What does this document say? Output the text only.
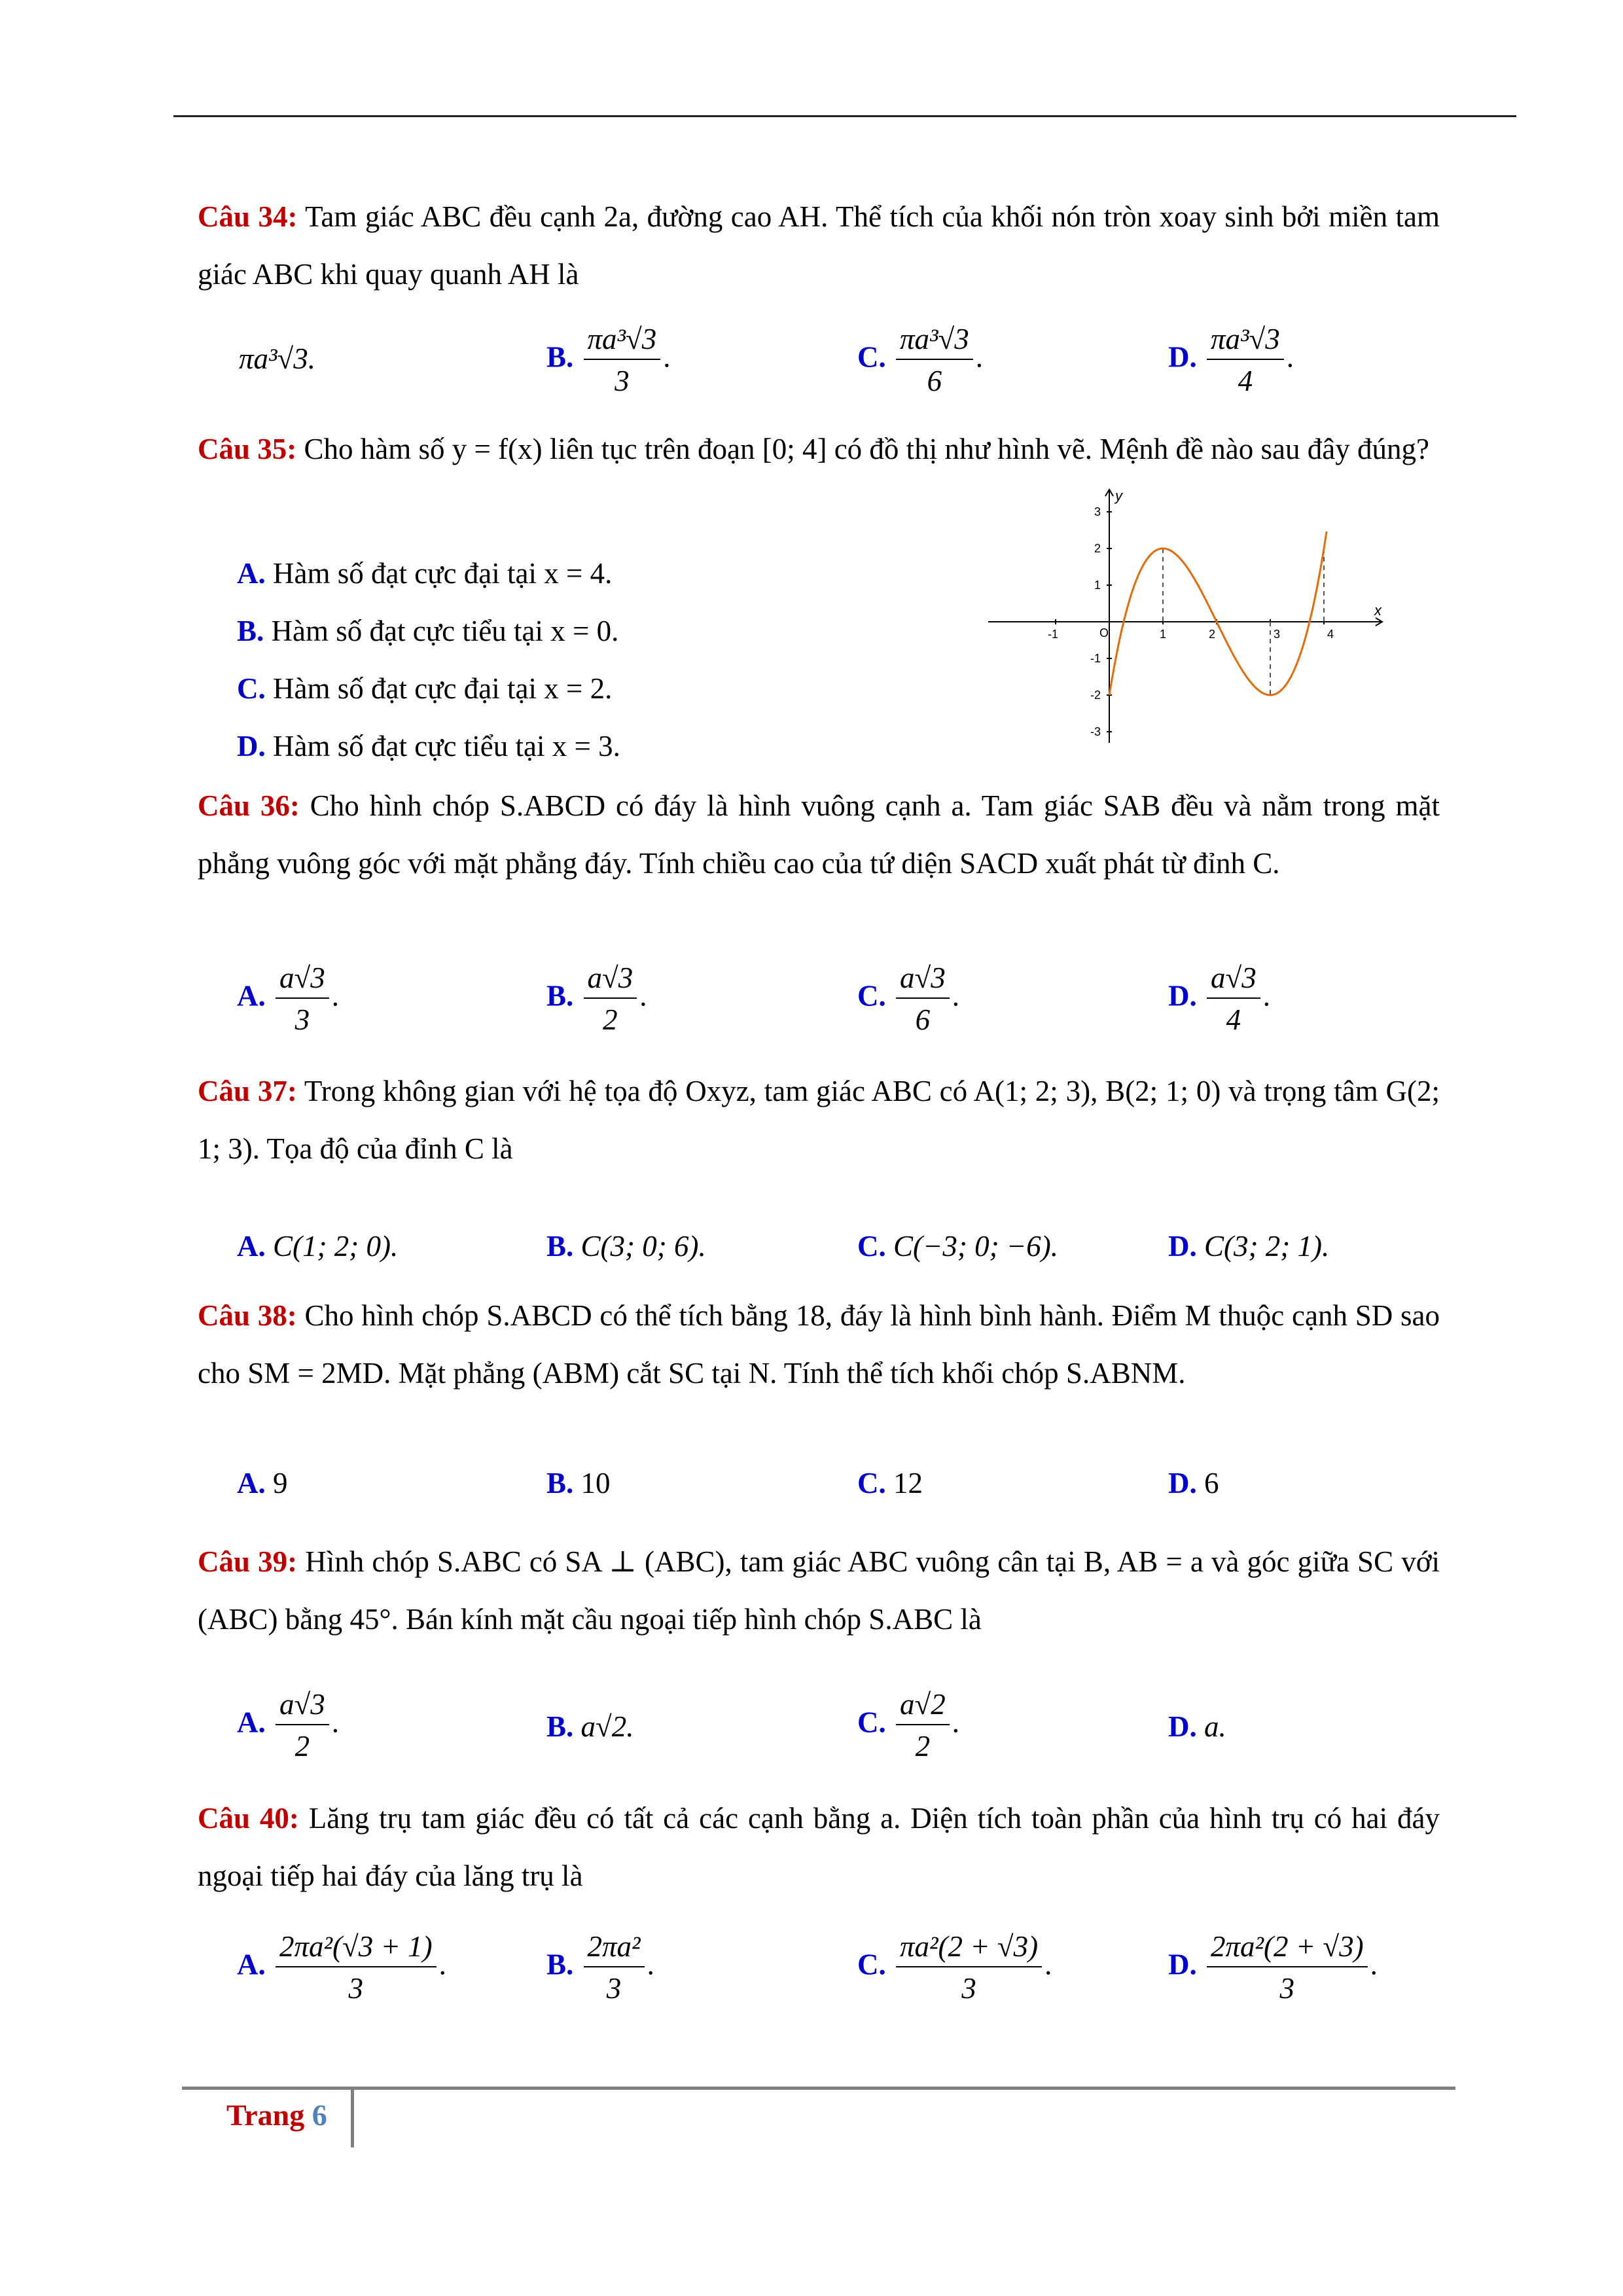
Câu 34: Tam giác ABC đều cạnh 2a, đường cao AH. Thể tích của khối nón tròn xoay sinh bởi miền tam giác ABC khi quay quanh AH là
πa³√3.	B. $\frac{\text{πa³√3}}{3}$ .	C. $\frac{\text{πa³√3}}{6}$ .	D. $\frac{\text{πa³√3}}{4}$ .
Câu 35: Cho hàm số y = f(x) liên tục trên đoạn [0; 4] có đồ thị như hình vẽ. Mệnh đề nào sau đây đúng?
A. Hàm số đạt cực đại tại x = 4.
B. Hàm số đạt cực tiểu tại x = 0.
C. Hàm số đạt cực đại tại x = 2.
D. Hàm số đạt cực tiểu tại x = 3.
x
y
O
-1	1	2	3	4
3
2
1
-1
-2
-3
Câu 36: Cho hình chóp S.ABCD có đáy là hình vuông cạnh a. Tam giác SAB đều và nằm trong mặt phẳng vuông góc với mặt phẳng đáy. Tính chiều cao của tứ diện SACD xuất phát từ đỉnh C.
A. $\frac{a√3}{3}$ .	B. $\frac{a√3}{2}$ .	C. $\frac{a√3}{6}$ .	D. $\frac{a√3}{4}$ .
Câu 37: Trong không gian với hệ tọa độ Oxyz, tam giác ABC có A(1; 2; 3), B(2; 1; 0) và trọng tâm G(2; 1; 3). Tọa độ của đỉnh C là
A. C(1; 2; 0).	B. C(3; 0; 6).	C. C(−3; 0; −6).	D. C(3; 2; 1).
Câu 38: Cho hình chóp S.ABCD có thể tích bằng 18, đáy là hình bình hành. Điểm M thuộc cạnh SD sao cho SM = 2MD. Mặt phẳng (ABM) cắt SC tại N. Tính thể tích khối chóp S.ABNM.
A. 9	B. 10	C. 12	D. 6
Câu 39: Hình chóp S.ABC có SA ⊥ (ABC), tam giác ABC vuông cân tại B, AB = a và góc giữa SC với (ABC) bằng 45°. Bán kính mặt cầu ngoại tiếp hình chóp S.ABC là
A. $\frac{a√3}{2}$ .	B. a√2.	C. $\frac{a√2}{2}$ .	D. a.
Câu 40: Lăng trụ tam giác đều có tất cả các cạnh bằng a. Diện tích toàn phần của hình trụ có hai đáy ngoại tiếp hai đáy của lăng trụ là
A. $\frac{\text{2πa²(√3 + 1)}}{3}$ .	B. $\frac{\text{2πa²}}{3}$ .	C. $\frac{\text{πa²(2 + √3)}}{3}$ .	D. $\frac{\text{2πa²(2 + √3)}}{3}$ .
Trang 6
